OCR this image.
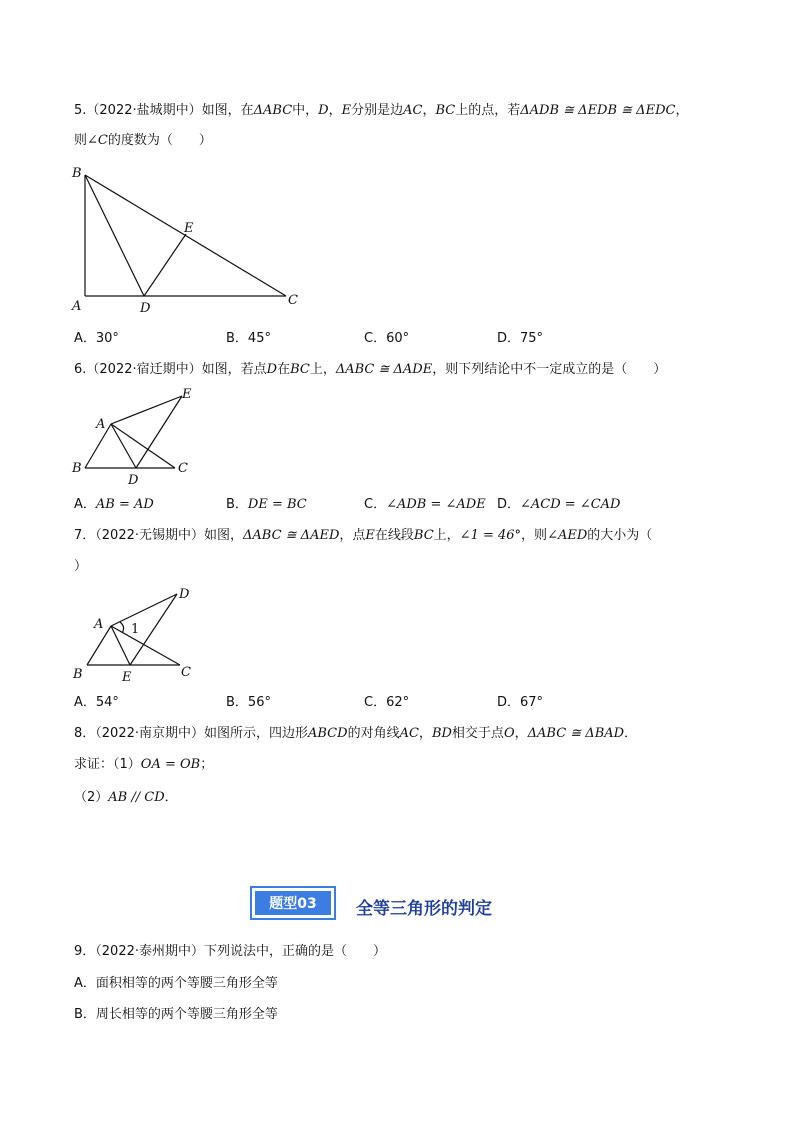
5.（2022·盐城期中）如图，在ΔABC中，D，E分别是边AC，BC上的点，若ΔADB ≅ ΔEDB ≅ ΔEDC，
则∠C的度数为（　　）
B
A	D
E
C
A．30°	B．45°	C．60°	D．75°
6.（2022·宿迁期中）如图，若点D在BC上，ΔABC ≅ ΔADE，则下列结论中不一定成立的是（　　）
A
B
D
C
E
A．AB = AD	B．DE = BC	C．∠ADB = ∠ADE D．∠ACD = ∠CAD
7．（2022·无锡期中）如图，ΔABC ≅ ΔAED，点E在线段BC上，∠1 = 46°，则∠AED的大小为（
）
A 1
B	E	C
D
A．54°	B．56°	C．62°	D．67°
8．（2022·南京期中）如图所示，四边形ABCD的对角线AC，BD相交于点O，ΔABC ≅ ΔBAD．
求证：（1）OA = OB；
（2）AB // CD．
题型03	全等三角形的判定
9．（2022·泰州期中）下列说法中，正确的是（　　）
A．面积相等的两个等腰三角形全等
B．周长相等的两个等腰三角形全等
